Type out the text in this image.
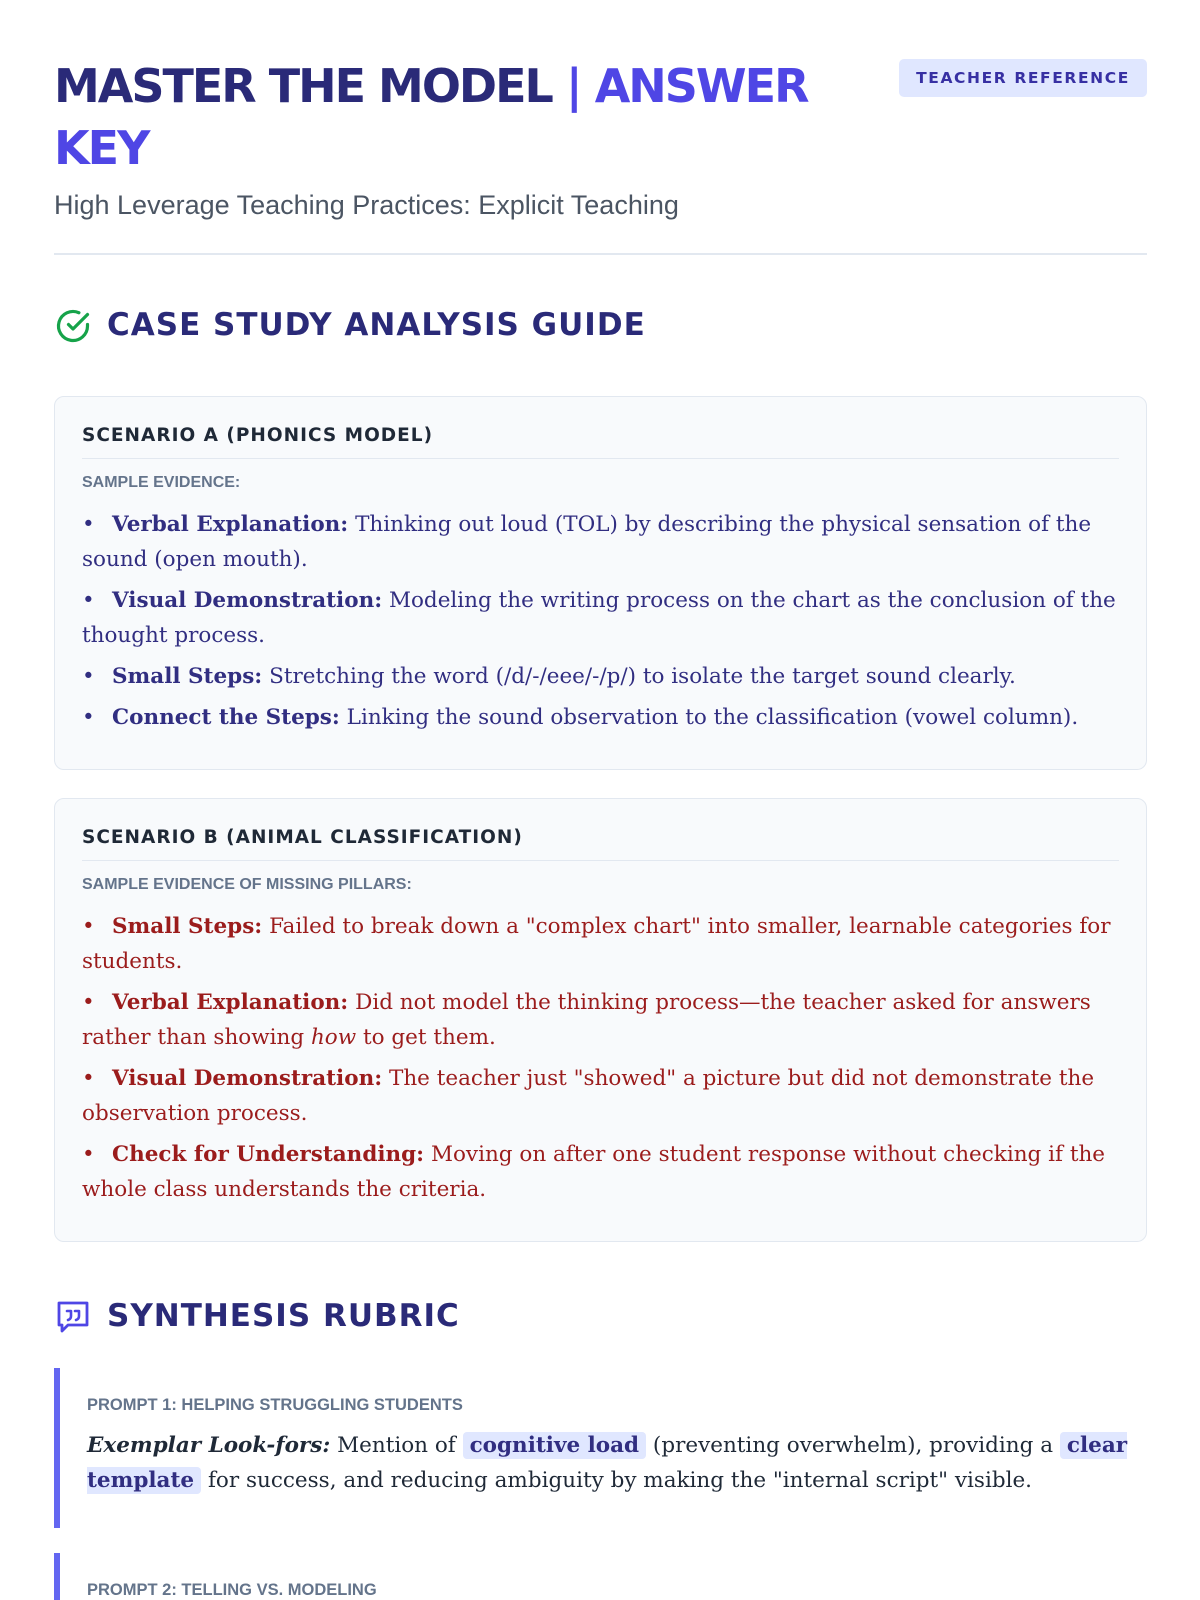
MASTER THE MODEL | ANSWER KEY
High Leverage Teaching Practices: Explicit Teaching
TEACHER REFERENCE
CASE STUDY ANALYSIS GUIDE
SCENARIO A (PHONICS MODEL)
SAMPLE EVIDENCE:
• Verbal Explanation: Thinking out loud (TOL) by describing the physical sensation of the sound (open mouth).
• Visual Demonstration: Modeling the writing process on the chart as the conclusion of the thought process.
• Small Steps: Stretching the word (/d/-/eee/-/p/) to isolate the target sound clearly.
• Connect the Steps: Linking the sound observation to the classification (vowel column).
SCENARIO B (ANIMAL CLASSIFICATION)
SAMPLE EVIDENCE OF MISSING PILLARS:
• Small Steps: Failed to break down a "complex chart" into smaller, learnable categories for students.
• Verbal Explanation: Did not model the thinking process—the teacher asked for answers rather than showing how to get them.
• Visual Demonstration: The teacher just "showed" a picture but did not demonstrate the observation process.
• Check for Understanding: Moving on after one student response without checking if the whole class understands the criteria.
SYNTHESIS RUBRIC
PROMPT 1: HELPING STRUGGLING STUDENTS
Exemplar Look-fors: Mention of cognitive load (preventing overwhelm), providing a clear template for success, and reducing ambiguity by making the "internal script" visible.
PROMPT 2: TELLING VS. MODELING
